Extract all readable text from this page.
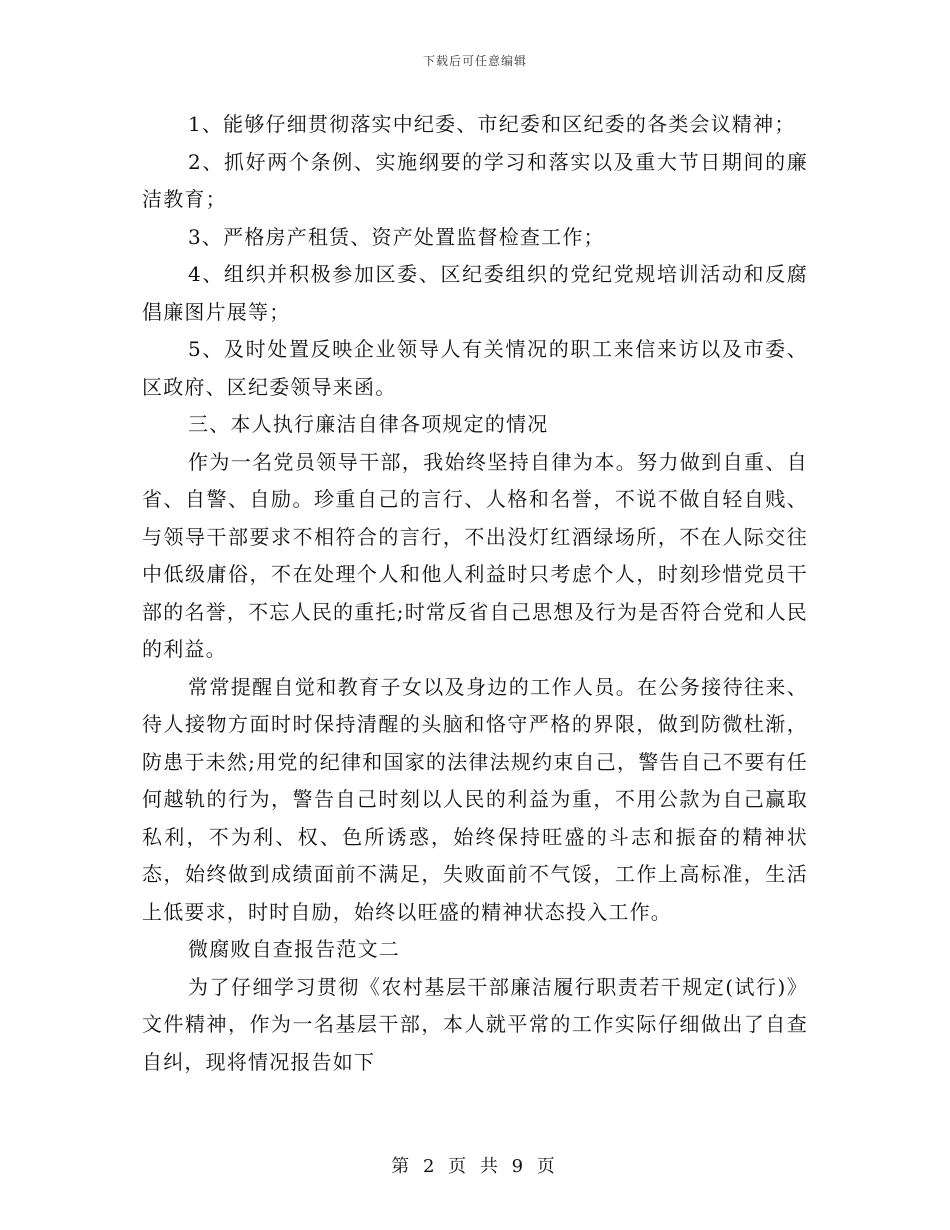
下载后可任意编辑

1、能够仔细贯彻落实中纪委、市纪委和区纪委的各类会议精神；

2、抓好两个条例、实施纲要的学习和落实以及重大节日期间的廉洁教育；

3、严格房产租赁、资产处置监督检查工作；

4、组织并积极参加区委、区纪委组织的党纪党规培训活动和反腐倡廉图片展等；

5、及时处置反映企业领导人有关情况的职工来信来访以及市委、区政府、区纪委领导来函。

三、本人执行廉洁自律各项规定的情况

作为一名党员领导干部，我始终坚持自律为本。努力做到自重、自省、自警、自励。珍重自己的言行、人格和名誉，不说不做自轻自贱、与领导干部要求不相符合的言行，不出没灯红酒绿场所，不在人际交往中低级庸俗，不在处理个人和他人利益时只考虑个人，时刻珍惜党员干部的名誉，不忘人民的重托;时常反省自己思想及行为是否符合党和人民的利益。

常常提醒自觉和教育子女以及身边的工作人员。在公务接待往来、待人接物方面时时保持清醒的头脑和恪守严格的界限，做到防微杜渐，防患于未然;用党的纪律和国家的法律法规约束自己，警告自己不要有任何越轨的行为，警告自己时刻以人民的利益为重，不用公款为自己赢取私利，不为利、权、色所诱惑，始终保持旺盛的斗志和振奋的精神状态，始终做到成绩面前不满足，失败面前不气馁，工作上高标准，生活上低要求，时时自励，始终以旺盛的精神状态投入工作。

微腐败自查报告范文二

为了仔细学习贯彻《农村基层干部廉洁履行职责若干规定(试行)》文件精神，作为一名基层干部，本人就平常的工作实际仔细做出了自查自纠，现将情况报告如下

第 2 页 共 9 页
